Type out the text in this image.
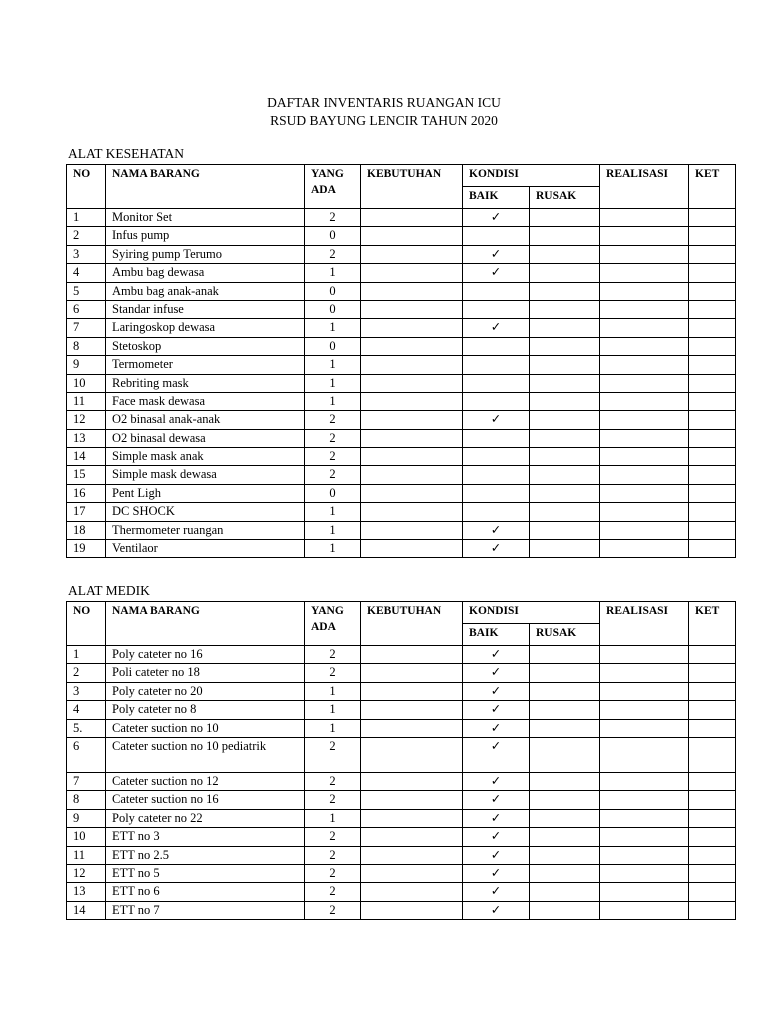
DAFTAR INVENTARIS RUANGAN ICU
RSUD BAYUNG LENCIR TAHUN 2020
ALAT KESEHATAN
NO	NAMA BARANG	YANG ADA	KEBUTUHAN	KONDISI		REALISASI	KET
				BAIK	RUSAK		
1	Monitor Set	2		✓			
2	Infus pump	0					
3	Syiring pump Terumo	2		✓			
4	Ambu bag dewasa	1		✓			
5	Ambu bag anak-anak	0					
6	Standar infuse	0					
7	Laringoskop dewasa	1		✓			
8	Stetoskop	0					
9	Termometer	1					
10	Rebriting mask	1					
11	Face mask dewasa	1					
12	O2 binasal anak-anak	2		✓			
13	O2 binasal dewasa	2					
14	Simple mask anak	2					
15	Simple mask dewasa	2					
16	Pent Ligh	0					
17	DC SHOCK	1					
18	Thermometer ruangan	1		✓			
19	Ventilaor	1		✓			
ALAT MEDIK
NO	NAMA BARANG	YANG ADA	KEBUTUHAN	KONDISI		REALISASI	KET
				BAIK	RUSAK		
1	Poly cateter no 16	2		✓			
2	Poli cateter no 18	2		✓			
3	Poly cateter no 20	1		✓			
4	Poly cateter no 8	1		✓			
5.	Cateter suction no 10	1		✓			
6	Cateter suction no 10 pediatrik	2		✓			
7	Cateter suction no 12	2		✓			
8	Cateter suction no 16	2		✓			
9	Poly cateter no 22	1		✓			
10	ETT no 3	2		✓			
11	ETT no 2.5	2		✓			
12	ETT no 5	2		✓			
13	ETT no 6	2		✓			
14	ETT no 7	2		✓			
